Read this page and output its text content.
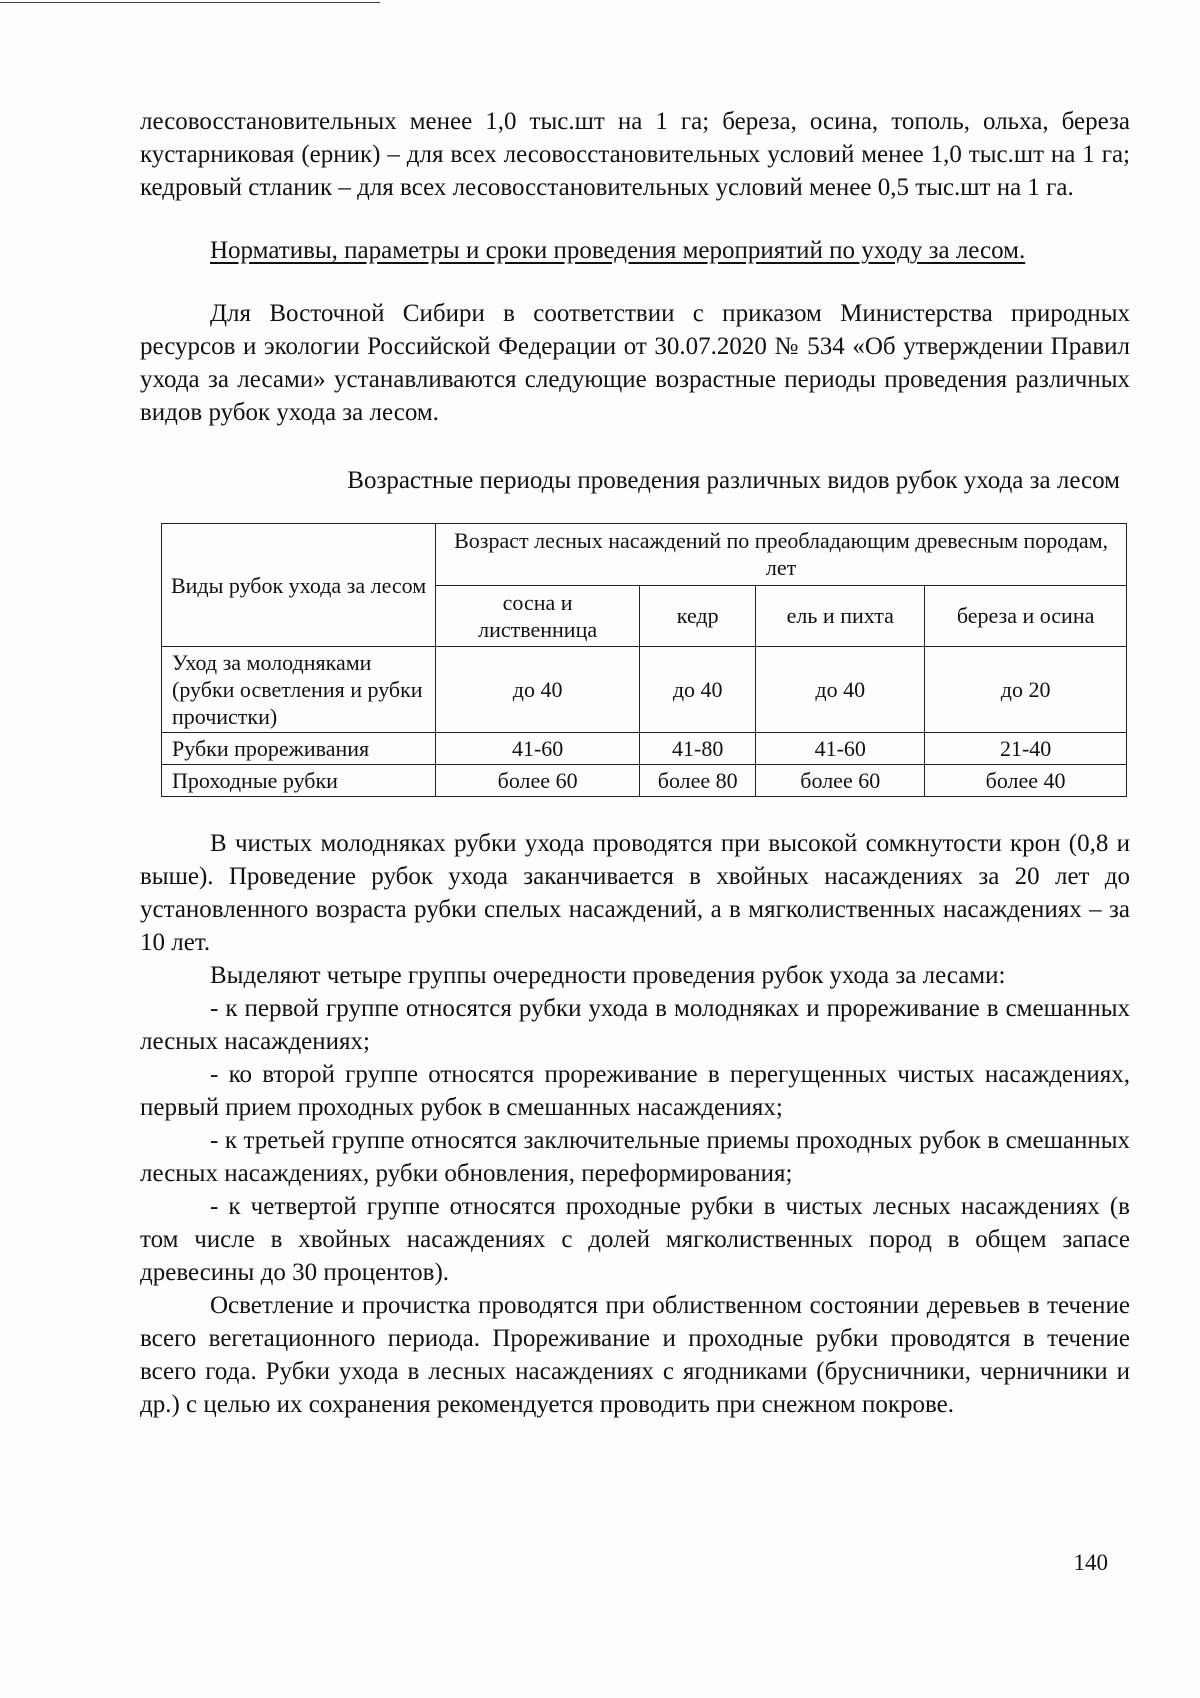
лесовосстановительных менее 1,0 тыс.шт на 1 га; береза, осина, тополь, ольха, береза кустарниковая (ерник) – для всех лесовосстановительных условий менее 1,0 тыс.шт на 1 га; кедровый стланик – для всех лесовосстановительных условий менее 0,5 тыс.шт на 1 га.

Нормативы, параметры и сроки проведения мероприятий по уходу за лесом.

Для Восточной Сибири в соответствии с приказом Министерства природных ресурсов и экологии Российской Федерации от 30.07.2020 № 534 «Об утверждении Правил ухода за лесами» устанавливаются следующие возрастные периоды проведения различных видов рубок ухода за лесом.

Возрастные периоды проведения различных видов рубок ухода за лесом
Виды рубок ухода за лесом	Возраст лесных насаждений по преобладающим древесным породам, лет			
	сосна и лиственница	кедр	ель и пихта	береза и осина
Уход за молодняками (рубки осветления и рубки прочистки)	до 40	до 40	до 40	до 20
Рубки прореживания	41-60	41-80	41-60	21-40
Проходные рубки	более 60	более 80	более 60	более 40

В чистых молодняках рубки ухода проводятся при высокой сомкнутости крон (0,8 и выше). Проведение рубок ухода заканчивается в хвойных насаждениях за 20 лет до установленного возраста рубки спелых насаждений, а в мягколиственных насаждениях – за 10 лет.

Выделяют четыре группы очередности проведения рубок ухода за лесами:

- к первой группе относятся рубки ухода в молодняках и прореживание в смешанных лесных насаждениях;

- ко второй группе относятся прореживание в перегущенных чистых насаждениях, первый прием проходных рубок в смешанных насаждениях;

- к третьей группе относятся заключительные приемы проходных рубок в смешанных лесных насаждениях, рубки обновления, переформирования;

- к четвертой группе относятся проходные рубки в чистых лесных насаждениях (в том числе в хвойных насаждениях с долей мягколиственных пород в общем запасе древесины до 30 процентов).

Осветление и прочистка проводятся при облиственном состоянии деревьев в течение всего вегетационного периода. Прореживание и проходные рубки проводятся в течение всего года. Рубки ухода в лесных насаждениях с ягодниками (брусничники, черничники и др.) с целью их сохранения рекомендуется проводить при снежном покрове.

140
